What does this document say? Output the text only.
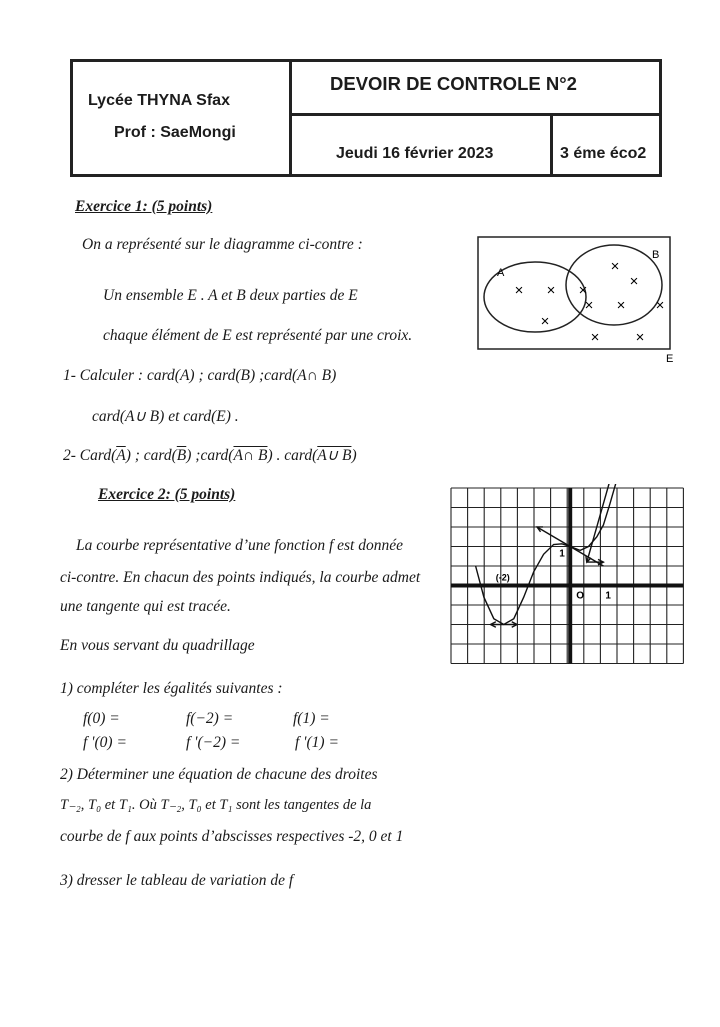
Lycée THYNA Sfax
Prof : SaeMongi
DEVOIR DE CONTROLE N°2
Jeudi 16 février 2023	3 éme éco2
Exercice 1: (5 points)
On a représenté sur le diagramme ci-contre :
Un ensemble E . A et B deux parties de E
chaque élément de E est représenté par une croix.
1- Calculer : card(A) ; card(B) ;card(A∩ B)
card(A∪ B) et card(E) .
2- $Card(\overline{A})$ ; $card(\overline{B})$ ;card(A∩ B) . card(A∪ B)
A
B
E
× ×
×
×
×
×
×
× ×
× ×
Exercice 2: (5 points)
La courbe représentative d’une fonction f est donnée
ci-contre. En chacun des points indiqués, la courbe admet
une tangente qui est tracée.
En vous servant du quadrillage
1) compléter les égalités suivantes :
f(0) =	f(−2) =	f(1) =
f '(0) =	f '(−2) =	f '(1) =
2) Déterminer une équation de chacune des droites
T₋₂, T₀ et T₁. Où T₋₂, T₀ et T₁ sont les tangentes de la
courbe de f aux points d’abscisses respectives -2, 0 et 1
3) dresser le tableau de variation de f
O 1
1
(-2)
